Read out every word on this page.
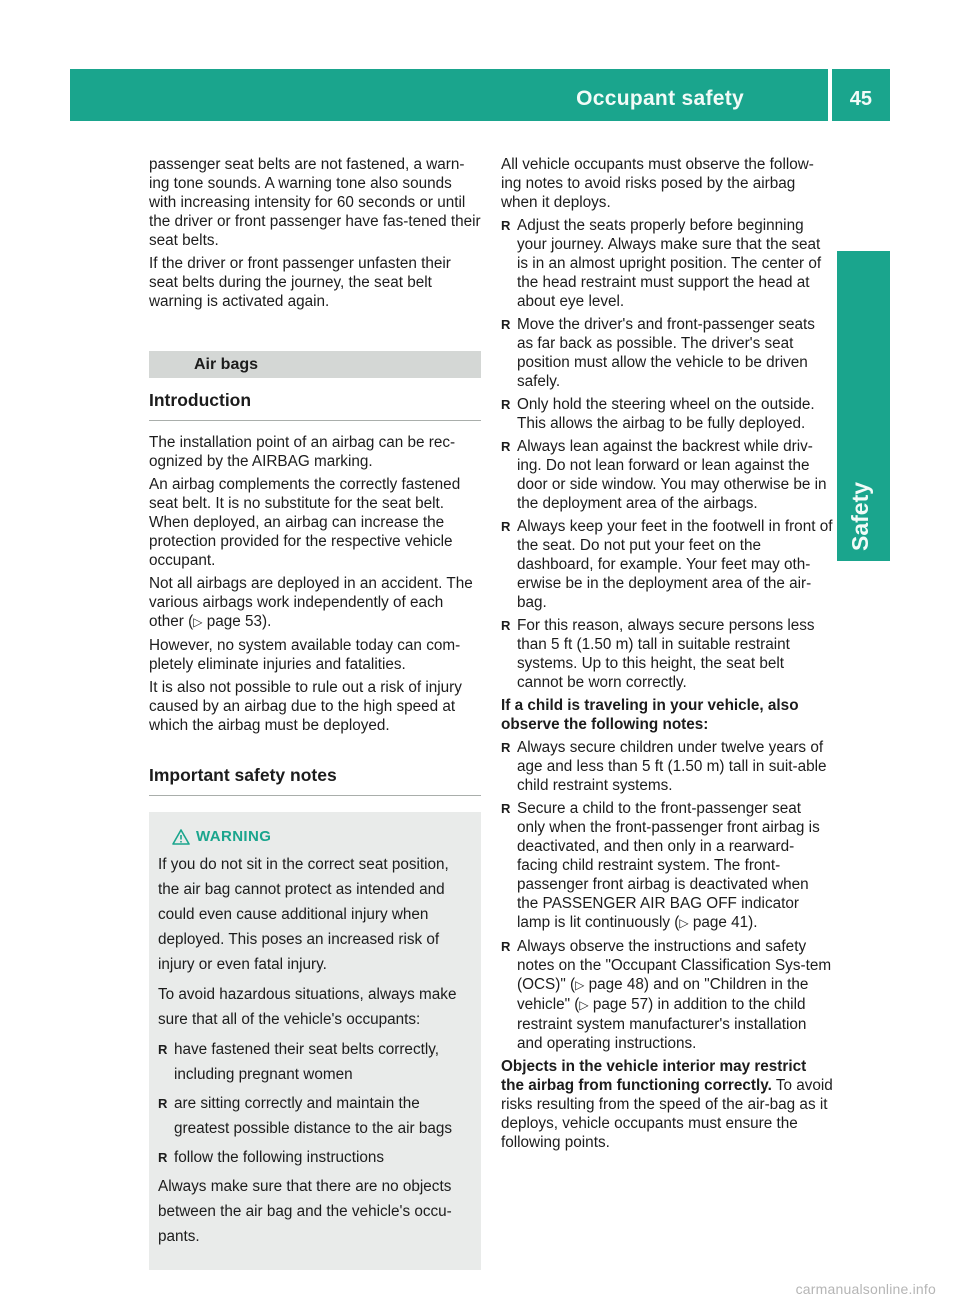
Occupant safety	45
Safety

passenger seat belts are not fastened, a warn-ing tone sounds. A warning tone also sounds with increasing intensity for 60 seconds or until the driver or front passenger have fas-tened their seat belts.

If the driver or front passenger unfasten their seat belts during the journey, the seat belt warning is activated again.

Air bags
Introduction

The installation point of an airbag can be rec-ognized by the AIRBAG marking.

An airbag complements the correctly fastened seat belt. It is no substitute for the seat belt. When deployed, an airbag can increase the protection provided for the respective vehicle occupant.

Not all airbags are deployed in an accident. The various airbags work independently of each other (▷ page 53).

However, no system available today can com-pletely eliminate injuries and fatalities.

It is also not possible to rule out a risk of injury caused by an airbag due to the high speed at which the airbag must be deployed.

Important safety notes
WARNING

If you do not sit in the correct seat position, the air bag cannot protect as intended and could even cause additional injury when deployed. This poses an increased risk of injury or even fatal injury.

To avoid hazardous situations, always make sure that all of the vehicle's occupants:

R have fastened their seat belts correctly, including pregnant women
R are sitting correctly and maintain the greatest possible distance to the air bags
R follow the following instructions

Always make sure that there are no objects between the air bag and the vehicle's occu-pants.

All vehicle occupants must observe the follow-ing notes to avoid risks posed by the airbag when it deploys.

R Adjust the seats properly before beginning your journey. Always make sure that the seat is in an almost upright position. The center of the head restraint must support the head at about eye level.
R Move the driver's and front-passenger seats as far back as possible. The driver's seat position must allow the vehicle to be driven safely.
R Only hold the steering wheel on the outside. This allows the airbag to be fully deployed.
R Always lean against the backrest while driv-ing. Do not lean forward or lean against the door or side window. You may otherwise be in the deployment area of the airbags.
R Always keep your feet in the footwell in front of the seat. Do not put your feet on the dashboard, for example. Your feet may oth-erwise be in the deployment area of the air-bag.
R For this reason, always secure persons less than 5 ft (1.50 m) tall in suitable restraint systems. Up to this height, the seat belt cannot be worn correctly.

If a child is traveling in your vehicle, also observe the following notes:

R Always secure children under twelve years of age and less than 5 ft (1.50 m) tall in suit-able child restraint systems.
R Secure a child to the front-passenger seat only when the front-passenger front airbag is deactivated, and then only in a rearward-facing child restraint system. The front-passenger front airbag is deactivated when the PASSENGER AIR BAG OFF indicator lamp is lit continuously (▷ page 41).
R Always observe the instructions and safety notes on the "Occupant Classification Sys-tem (OCS)" (▷ page 48) and on "Children in the vehicle" (▷ page 57) in addition to the child restraint system manufacturer's installation and operating instructions.

Objects in the vehicle interior may restrict the airbag from functioning correctly. To avoid risks resulting from the speed of the air-bag as it deploys, vehicle occupants must ensure the following points.

carmanualsonline.info
